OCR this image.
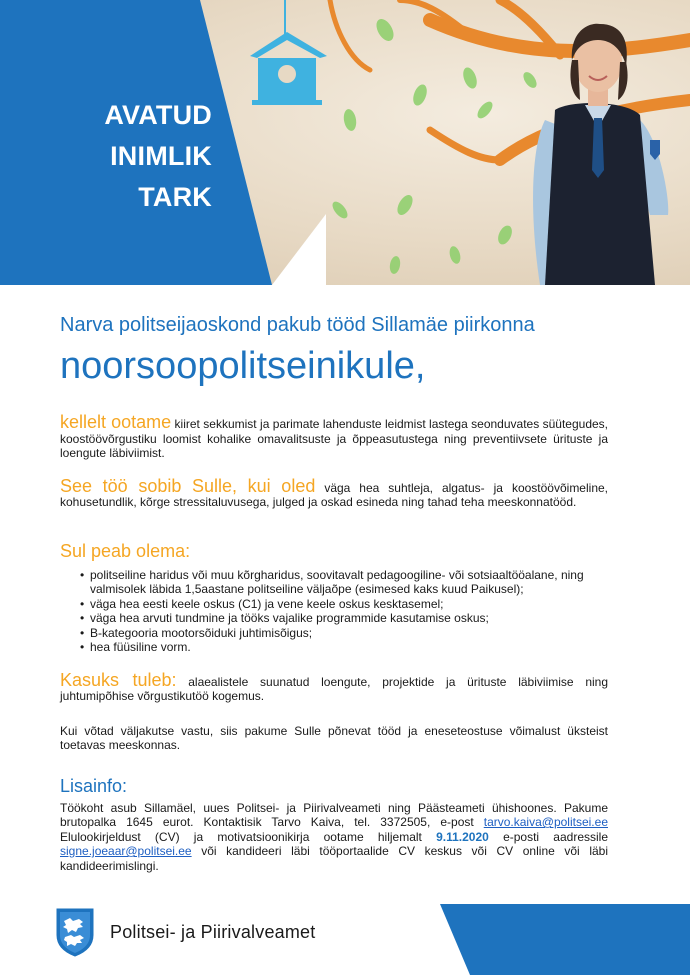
AVATUD
INIMLIK
TARK
Narva politseijaoskond pakub tööd Sillamäe piirkonna
noorsoopolitseinikule,

kellelt ootame kiiret sekkumist ja parimate lahenduste leidmist lastega seonduvates süütegudes, koostöövõrgustiku loomist kohalike omavalitsuste ja õppeasutustega ning preventiivsete ürituste ja loengute läbiviimist.

See töö sobib Sulle, kui oled väga hea suhtleja, algatus- ja koostöövõimeline, kohusetundlik, kõrge stressitaluvusega, julged ja oskad esineda ning tahad teha meeskonnatööd.

Sul peab olema:
• politseiline haridus või muu kõrgharidus, soovitavalt pedagoogiline- või sotsiaaltööalane, ning valmisolek läbida 1,5aastane politseiline väljaõpe (esimesed kaks kuud Paikusel);
• väga hea eesti keele oskus (C1) ja vene keele oskus kesktasemel;
• väga hea arvuti tundmine ja tööks vajalike programmide kasutamise oskus;
• B-kategooria mootorsõiduki juhtimisõigus;
• hea füüsiline vorm.

Kasuks tuleb: alaealistele suunatud loengute, projektide ja ürituste läbiviimise ning juhtumipõhise võrgustikutöö kogemus.

Kui võtad väljakutse vastu, siis pakume Sulle põnevat tööd ja eneseteostuse võimalust üksteist toetavas meeskonnas.

Lisainfo:

Töökoht asub Sillamäel, uues Politsei- ja Piirivalveameti ning Päästeameti ühishoones. Pakume brutopalka 1645 eurot. Kontaktisik Tarvo Kaiva, tel. 3372505, e-post tarvo.kaiva@politsei.ee Elulookirjeldust (CV) ja motivatsioonikirja ootame hiljemalt 9.11.2020 e-posti aadressile signe.joeaar@politsei.ee või kandideeri läbi tööportaalide CV keskus või CV online või läbi kandideerimislingi.

Politsei- ja Piirivalveamet
